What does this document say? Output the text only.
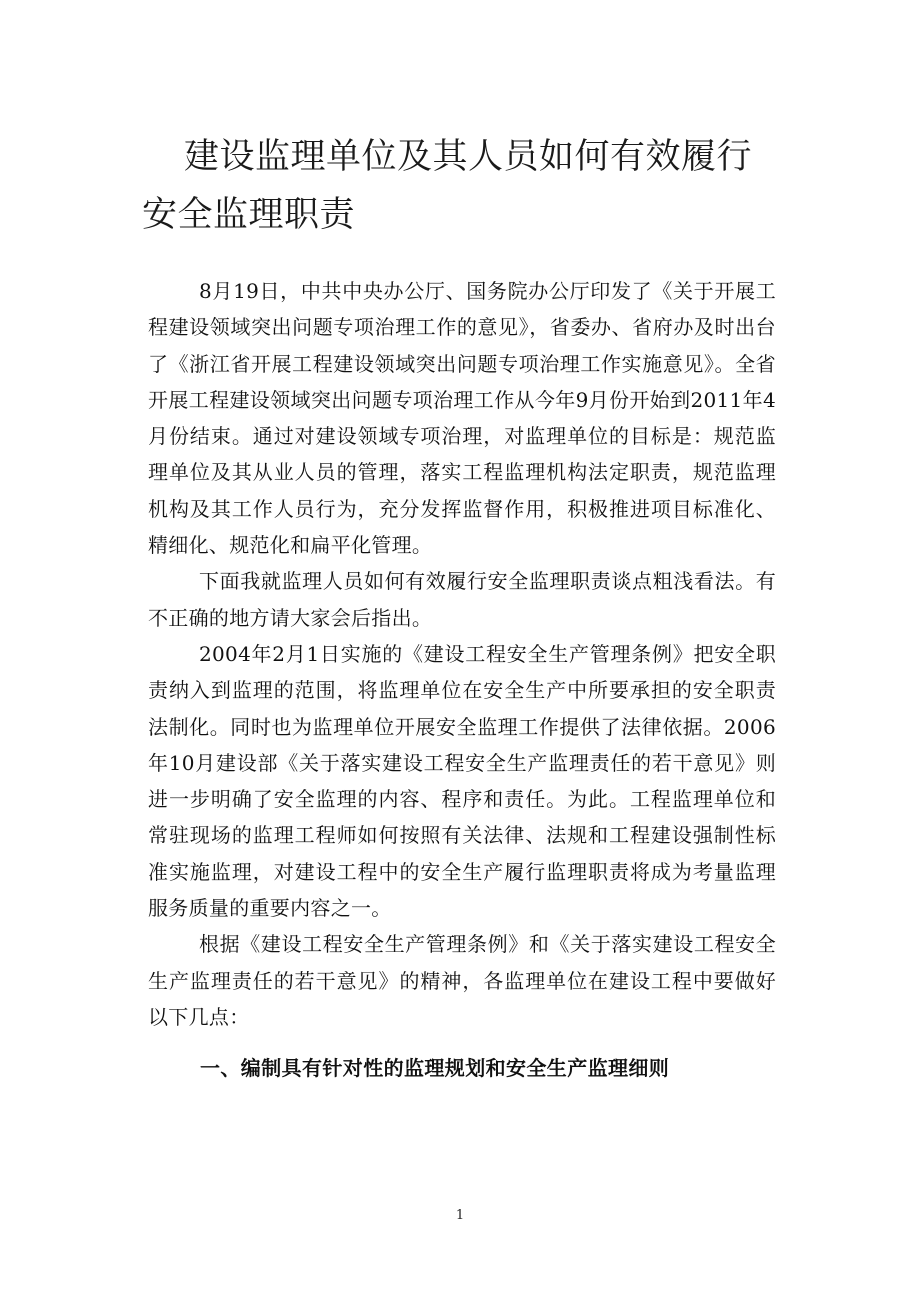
建设监理单位及其人员如何有效履行
安全监理职责

8月19日，中共中央办公厅、国务院办公厅印发了《关于开展工程建设领域突出问题专项治理工作的意见》，省委办、省府办及时出台了《浙江省开展工程建设领域突出问题专项治理工作实施意见》。全省开展工程建设领域突出问题专项治理工作从今年9月份开始到2011年4月份结束。通过对建设领域专项治理，对监理单位的目标是：规范监理单位及其从业人员的管理，落实工程监理机构法定职责，规范监理机构及其工作人员行为，充分发挥监督作用，积极推进项目标准化、精细化、规范化和扁平化管理。

下面我就监理人员如何有效履行安全监理职责谈点粗浅看法。有不正确的地方请大家会后指出。

2004年2月1日实施的《建设工程安全生产管理条例》把安全职责纳入到监理的范围，将监理单位在安全生产中所要承担的安全职责法制化。同时也为监理单位开展安全监理工作提供了法律依据。2006年10月建设部《关于落实建设工程安全生产监理责任的若干意见》则进一步明确了安全监理的内容、程序和责任。为此。工程监理单位和常驻现场的监理工程师如何按照有关法律、法规和工程建设强制性标准实施监理，对建设工程中的安全生产履行监理职责将成为考量监理服务质量的重要内容之一。

根据《建设工程安全生产管理条例》和《关于落实建设工程安全生产监理责任的若干意见》的精神，各监理单位在建设工程中要做好以下几点：

一、编制具有针对性的监理规划和安全生产监理细则
1
